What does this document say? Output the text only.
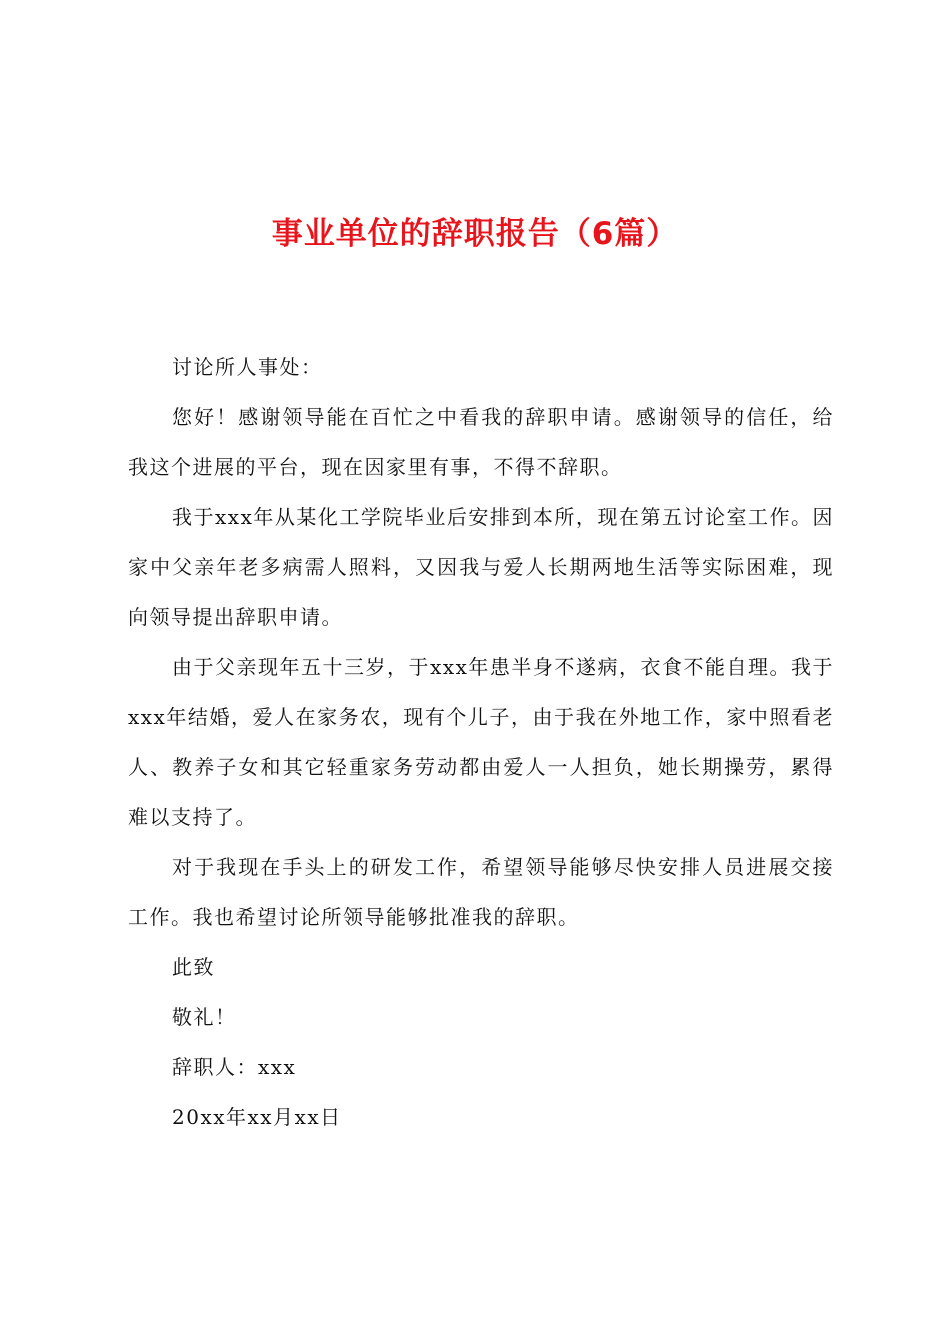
事业单位的辞职报告（6篇）

讨论所人事处：

您好！感谢领导能在百忙之中看我的辞职申请。感谢领导的信任，给我这个进展的平台，现在因家里有事，不得不辞职。

我于xxx年从某化工学院毕业后安排到本所，现在第五讨论室工作。因家中父亲年老多病需人照料，又因我与爱人长期两地生活等实际困难，现向领导提出辞职申请。

由于父亲现年五十三岁，于xxx年患半身不遂病，衣食不能自理。我于xxx年结婚，爱人在家务农，现有个儿子，由于我在外地工作，家中照看老人、教养子女和其它轻重家务劳动都由爱人一人担负，她长期操劳，累得难以支持了。

对于我现在手头上的研发工作，希望领导能够尽快安排人员进展交接工作。我也希望讨论所领导能够批准我的辞职。

此致

敬礼！

辞职人：xxx

20xx年xx月xx日
